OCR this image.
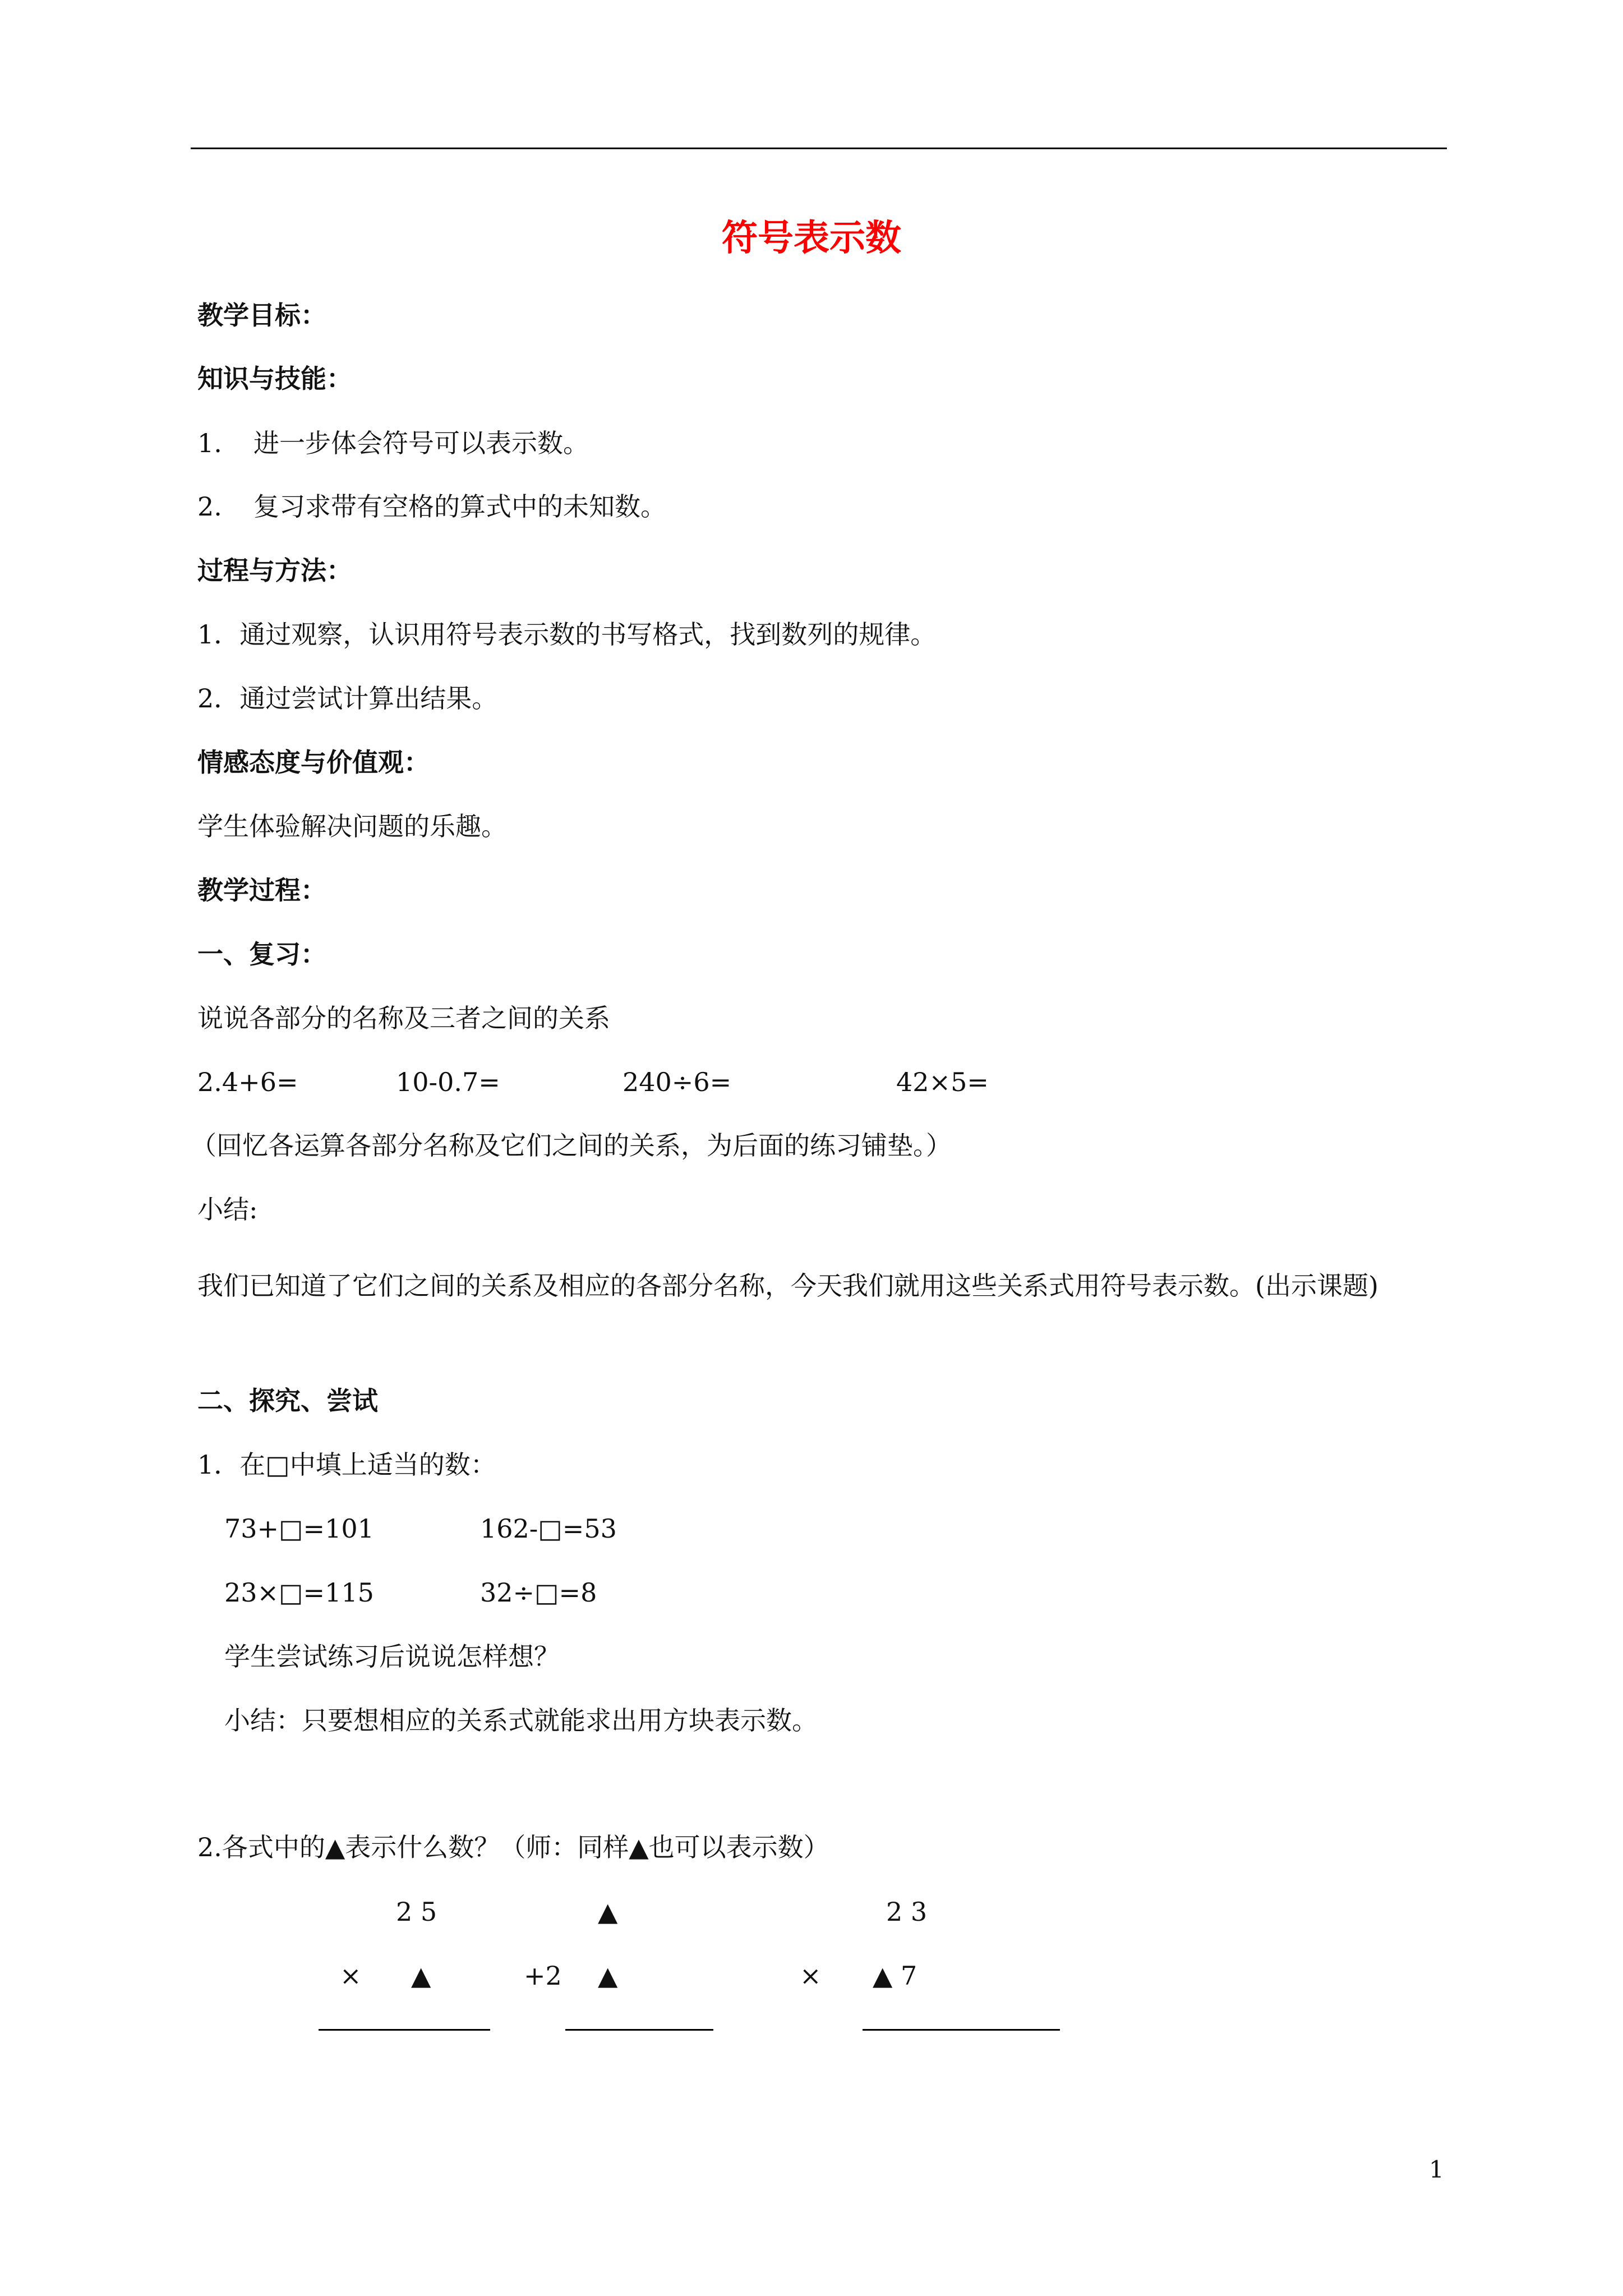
符号表示数
教学目标：
知识与技能：
1. 进一步体会符号可以表示数。
2. 复习求带有空格的算式中的未知数。
过程与方法：
1．通过观察，认识用符号表示数的书写格式，找到数列的规律。
2．通过尝试计算出结果。
情感态度与价值观：
学生体验解决问题的乐趣。
教学过程：
一、复习：
说说各部分的名称及三者之间的关系
2.4+6=	10-0.7=	240÷6=	42×5=
（回忆各运算各部分名称及它们之间的关系，为后面的练习铺垫。）
小结:
我们已知道了它们之间的关系及相应的各部分名称，今天我们就用这些关系式用符号表示数。(出示课题)
二、探究、尝试
1．在□中填上适当的数：
73+□=101	162-□=53
23×□=115	32÷□=8
学生尝试练习后说说怎样想？
小结：只要想相应的关系式就能求出用方块表示数。
2.各式中的▲表示什么数？（师：同样▲也可以表示数）
2 5
× ▲
▲
+2 ▲
2 3
× ▲ 7
1
